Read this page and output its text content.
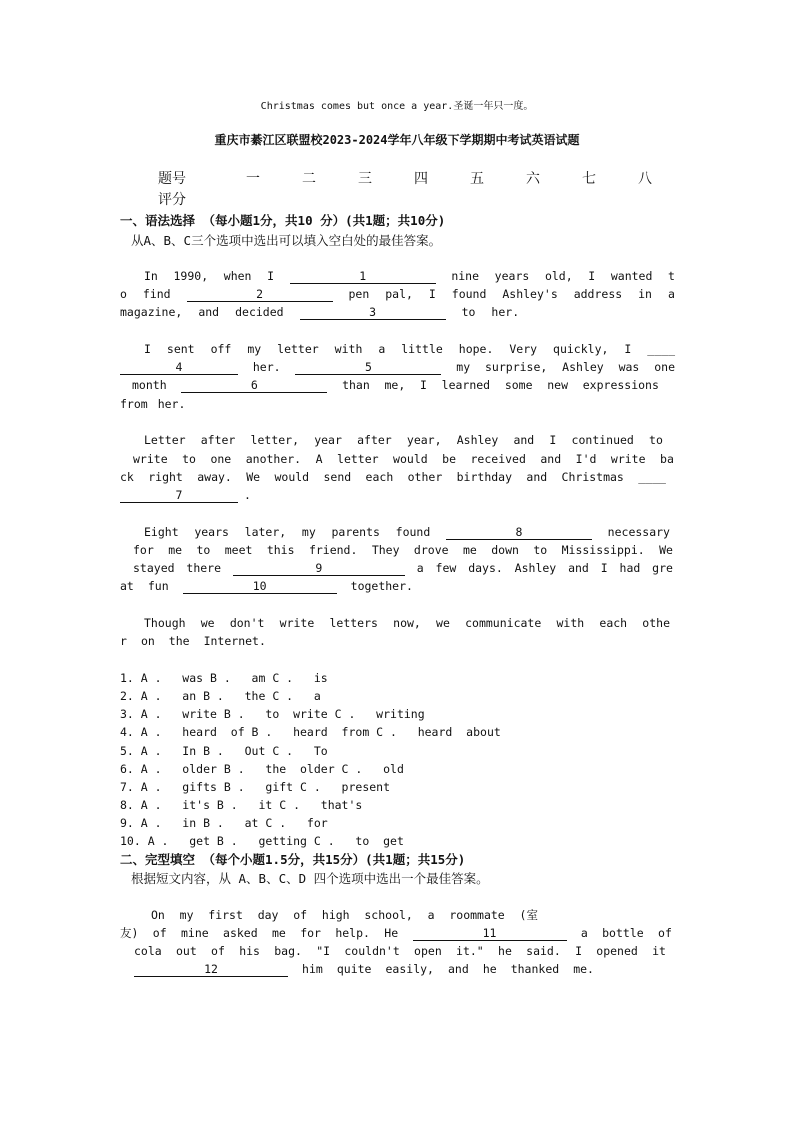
Christmas comes but once a year.圣诞一年只一度。
重庆市綦江区联盟校2023-2024学年八年级下学期期中考试英语试题
题号	一	二	三	四	五	六	七	八
评分
一、语法选择 （每小题1分，共10 分）(共1题；共10分)
从A、B、C三个选项中选出可以填入空白处的最佳答案。
In 1990, when I	1	nine years old, I wanted t
o find	2	pen pal, I found Ashley's address in a
magazine, and decided	3	to her.
I sent off my letter with a little hope. Very quickly, I ____
4	her.	5	my surprise, Ashley was one
month	6	than me, I learned some new expressions
from her.
Letter after letter, year after year, Ashley and I continued to
write to one another. A letter would be received and I'd write ba
ck right away. We would send each other birthday and Christmas ____
7	.
Eight years later, my parents found	8	necessary
for me to meet this friend. They drove me down to Mississippi. We
stayed there	9	a few days. Ashley and I had gre
at fun	10	together.
Though we don't write letters now, we communicate with each othe
r on the Internet.
1. A .   was B .   am C .   is
2. A .   an B .   the C .   a
3. A .   write B .   to  write C .   writing
4. A .   heard  of B .   heard  from C .   heard  about
5. A .   In B .   Out C .   To
6. A .   older B .   the  older C .   old
7. A .   gifts B .   gift C .   present
8. A .   it's B .   it C .   that's
9. A .   in B .   at C .   for
10. A .   get B .   getting C .   to  get
二、完型填空 （每个小题1.5分，共15分）(共1题；共15分)
根据短文内容，从 A、B、C、D 四个选项中选出一个最佳答案。
On my first day of high school, a roommate (室
友) of mine asked me for help. He	11	a bottle of
cola out of his bag. "I couldn't open it." he said. I opened it
12	him quite easily, and he thanked me.
